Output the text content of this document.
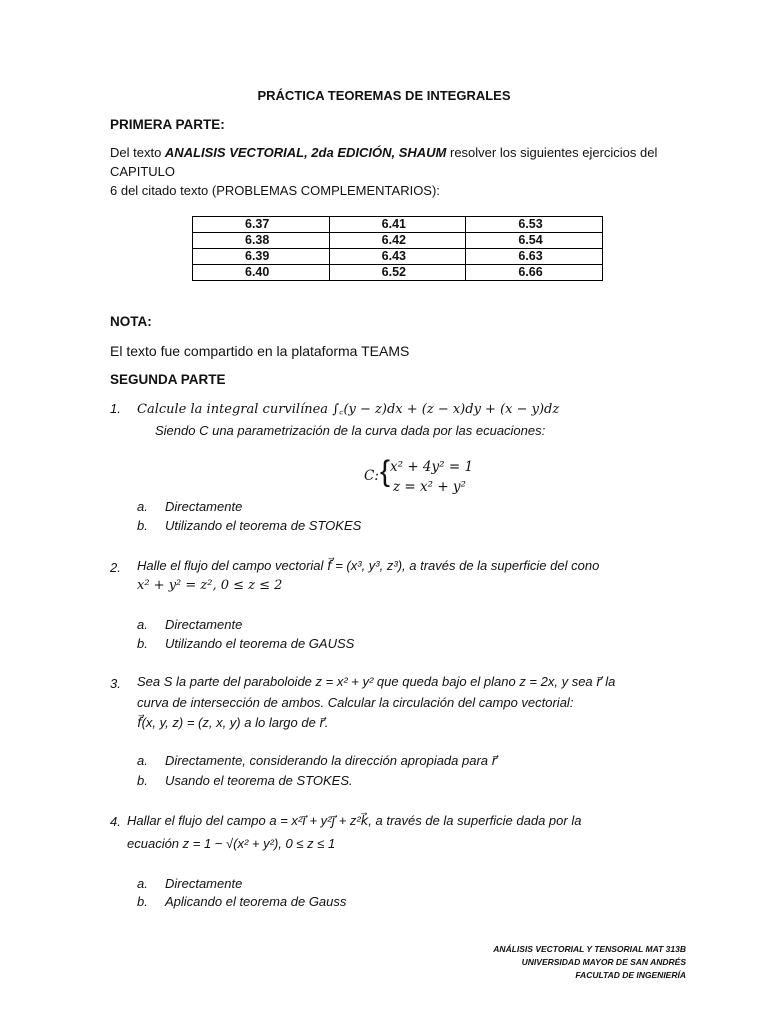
PRÁCTICA TEOREMAS DE INTEGRALES
PRIMERA PARTE:
Del texto ANALISIS VECTORIAL, 2da EDICIÓN, SHAUM resolver los siguientes ejercicios del CAPITULO
6 del citado texto (PROBLEMAS COMPLEMENTARIOS):
6.37	6.41	6.53
6.38	6.42	6.54
6.39	6.43	6.63
6.40	6.52	6.66
NOTA:
El texto fue compartido en la plataforma TEAMS
SEGUNDA PARTE
1. Calcule la integral curvilínea ∫꜀(y − z)dx + (z − x)dy + (x − y)dz
Siendo C una parametrización de la curva dada por las ecuaciones:
C: { x² + 4y² = 1
z = x² + y²
a. Directamente
b. Utilizando el teorema de STOKES
2. Halle el flujo del campo vectorial f⃗ = (x³, y³, z³), a través de la superficie del cono
x² + y² = z², 0 ≤ z ≤ 2
a. Directamente
b. Utilizando el teorema de GAUSS
3. Sea S la parte del paraboloide z = x² + y² que queda bajo el plano z = 2x, y sea r⃗ la
curva de intersección de ambos. Calcular la circulación del campo vectorial:
f⃗(x, y, z) = (z, x, y) a lo largo de r⃗.
a. Directamente, considerando la dirección apropiada para r⃗
b. Usando el teorema de STOKES.
4. Hallar el flujo del campo a = x²i⃗ + y²j⃗ + z²k⃗, a través de la superficie dada por la
ecuación z = 1 − √(x² + y²), 0 ≤ z ≤ 1
a. Directamente
b. Aplicando el teorema de Gauss
ANÁLISIS VECTORIAL Y TENSORIAL MAT 313B
UNIVERSIDAD MAYOR DE SAN ANDRÉS
FACULTAD DE INGENIERÍA
